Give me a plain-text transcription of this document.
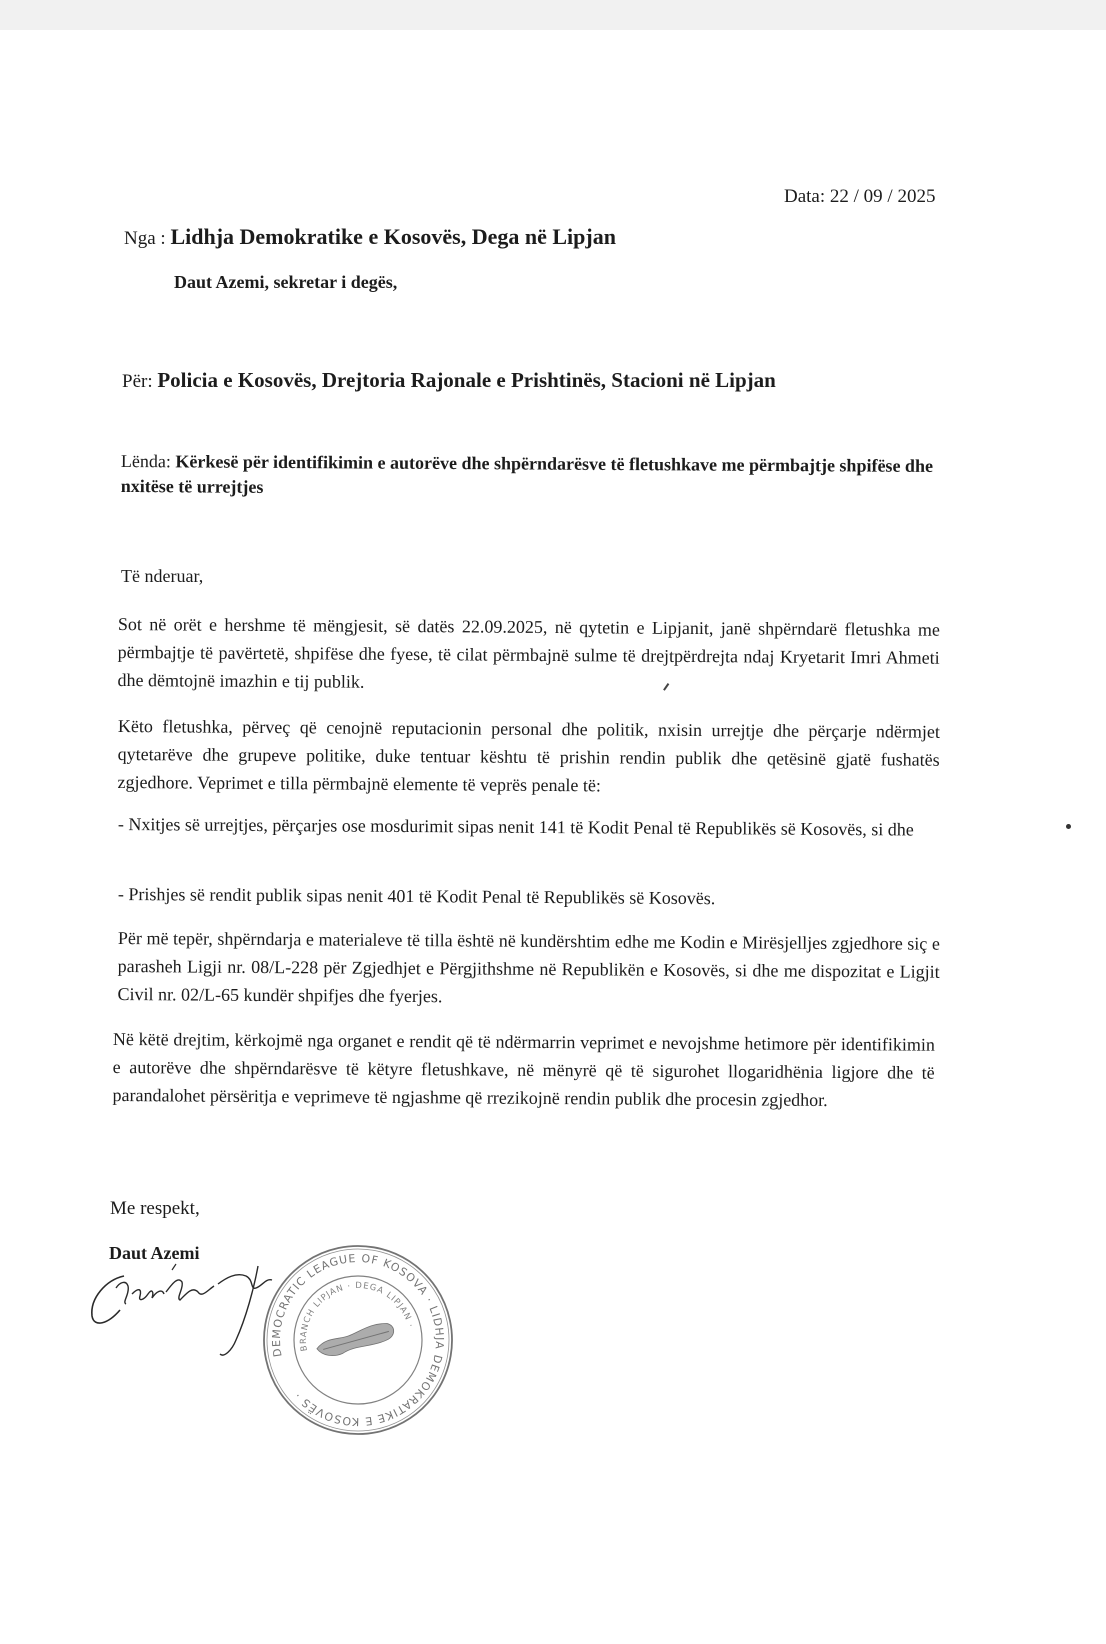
Data: 22 / 09 / 2025
Nga : Lidhja Demokratike e Kosovës, Dega në Lipjan
Daut Azemi, sekretar i degës,
Për: Policia e Kosovës, Drejtoria Rajonale e Prishtinës, Stacioni në Lipjan
Lënda: Kërkesë për identifikimin e autorëve dhe shpërndarësve të fletushkave me përmbajtje shpifëse dhe nxitëse të urrejtjes
Të nderuar,
Sot në orët e hershme të mëngjesit, së datës 22.09.2025, në qytetin e Lipjanit, janë shpërndarë fletushka me përmbajtje të pavërtetë, shpifëse dhe fyese, të cilat përmbajnë sulme të drejtpërdrejta ndaj Kryetarit Imri Ahmeti dhe dëmtojnë imazhin e tij publik.
Këto fletushka, përveç që cenojnë reputacionin personal dhe politik, nxisin urrejtje dhe përçarje ndërmjet qytetarëve dhe grupeve politike, duke tentuar kështu të prishin rendin publik dhe qetësinë gjatë fushatës zgjedhore. Veprimet e tilla përmbajnë elemente të veprës penale të:
- Nxitjes së urrejtjes, përçarjes ose mosdurimit sipas nenit 141 të Kodit Penal të Republikës së Kosovës, si dhe
- Prishjes së rendit publik sipas nenit 401 të Kodit Penal të Republikës së Kosovës.
Për më tepër, shpërndarja e materialeve të tilla është në kundërshtim edhe me Kodin e Mirësjelljes zgjedhore siç e parasheh Ligji nr. 08/L-228 për Zgjedhjet e Përgjithshme në Republikën e Kosovës, si dhe me dispozitat e Ligjit Civil nr. 02/L-65 kundër shpifjes dhe fyerjes.
Në këtë drejtim, kërkojmë nga organet e rendit që të ndërmarrin veprimet e nevojshme hetimore për identifikimin e autorëve dhe shpërndarësve të këtyre fletushkave, në mënyrë që të sigurohet llogaridhënia ligjore dhe të parandalohet përsëritja e veprimeve të ngjashme që rrezikojnë rendin publik dhe procesin zgjedhor.
Me respekt,
Daut Azemi
DEMOCRATIC LEAGUE OF KOSOVA · LIDHJA DEMOKRATIKE E KOSOVËS ·
BRANCH LIPJAN · DEGA LIPJAN ·
